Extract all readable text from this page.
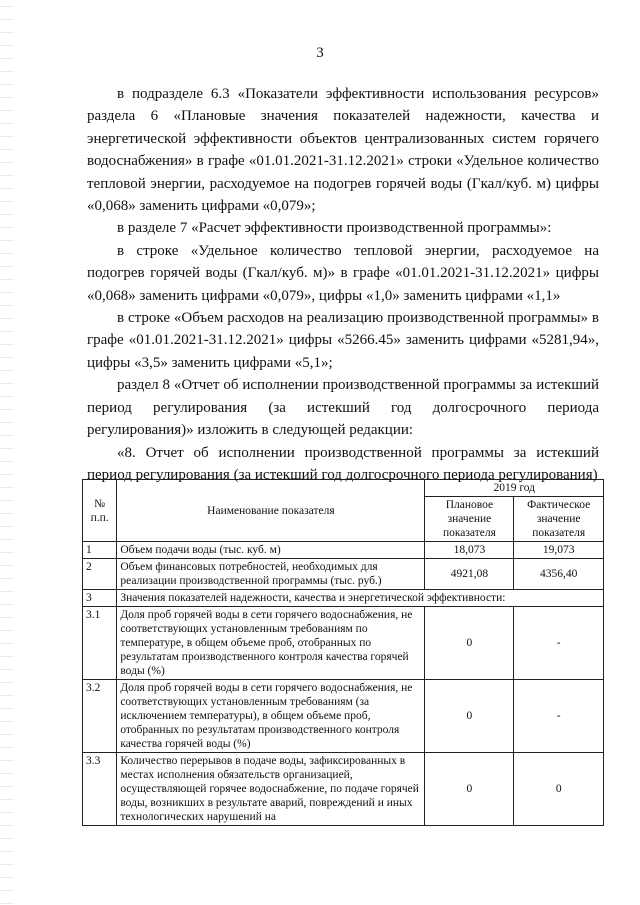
3

в подразделе 6.3 «Показатели эффективности использования ресурсов» раздела 6 «Плановые значения показателей надежности, качества и энергетической эффективности объектов централизованных систем горячего водоснабжения» в графе «01.01.2021-31.12.2021» строки «Удельное количество тепловой энергии, расходуемое на подогрев горячей воды (Гкал/куб. м) цифры «0,068» заменить цифрами «0,079»;

в разделе 7 «Расчет эффективности производственной программы»:

в строке «Удельное количество тепловой энергии, расходуемое на подогрев горячей воды (Гкал/куб. м)» в графе «01.01.2021-31.12.2021» цифры «0,068» заменить цифрами «0,079», цифры «1,0» заменить цифрами «1,1»

в строке «Объем расходов на реализацию производственной программы» в графе «01.01.2021-31.12.2021» цифры «5266.45» заменить цифрами «5281,94», цифры «3,5» заменить цифрами «5,1»;

раздел 8 «Отчет об исполнении производственной программы за истекший период регулирования (за истекший год долгосрочного периода регулирования)» изложить в следующей редакции:

«8. Отчет об исполнении производственной программы за истекший период регулирования (за истекший год долгосрочного периода регулирования)

№ п.п.	Наименование показателя	2019 год	
		Плановое значение показателя	Фактическое значение показателя
1	Объем подачи воды (тыс. куб. м)	18,073	19,073
2	Объем финансовых потребностей, необходимых для реализации производственной программы (тыс. руб.)	4921,08	4356,40
3	Значения показателей надежности, качества и энергетической эффективности:		
3.1	Доля проб горячей воды в сети горячего водоснабжения, не соответствующих установленным требованиям по температуре, в общем объеме проб, отобранных по результатам производственного контроля качества горячей воды (%)	0	-
3.2	Доля проб горячей воды в сети горячего водоснабжения, не соответствующих установленным требованиям (за исключением температуры), в общем объеме проб, отобранных по результатам производственного контроля качества горячей воды (%)	0	-
3.3	Количество перерывов в подаче воды, зафиксированных в местах исполнения обязательств организацией, осуществляющей горячее водоснабжение, по подаче горячей воды, возникших в результате аварий, повреждений и иных технологических нарушений на	0	0
